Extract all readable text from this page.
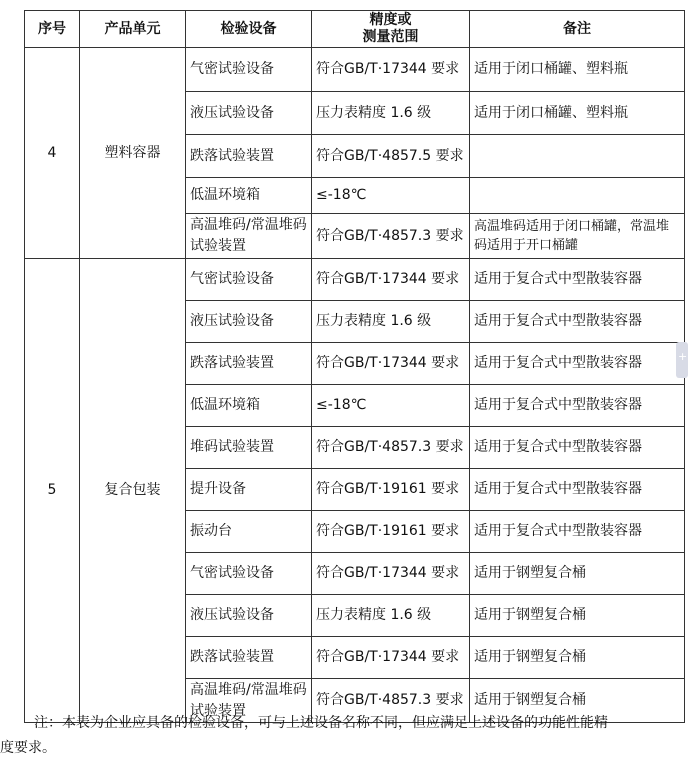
序号	产品单元	检验设备	精度或
测量范围	备注
4	塑料容器	气密试验设备	符合GB/T·17344 要求	适用于闭口桶罐、塑料瓶
		液压试验设备	压力表精度 1.6 级	适用于闭口桶罐、塑料瓶
		跌落试验装置	符合GB/T·4857.5 要求	
		低温环境箱	≤-18℃	
		高温堆码/常温堆码试验装置	符合GB/T·4857.3 要求	高温堆码适用于闭口桶罐，常温堆码适用于开口桶罐
5	复合包装	气密试验设备	符合GB/T·17344 要求	适用于复合式中型散装容器
		液压试验设备	压力表精度 1.6 级	适用于复合式中型散装容器
		跌落试验装置	符合GB/T·17344 要求	适用于复合式中型散装容器
		低温环境箱	≤-18℃	适用于复合式中型散装容器
		堆码试验装置	符合GB/T·4857.3 要求	适用于复合式中型散装容器
		提升设备	符合GB/T·19161 要求	适用于复合式中型散装容器
		振动台	符合GB/T·19161 要求	适用于复合式中型散装容器
		气密试验设备	符合GB/T·17344 要求	适用于钢塑复合桶
		液压试验设备	压力表精度 1.6 级	适用于钢塑复合桶
		跌落试验装置	符合GB/T·17344 要求	适用于钢塑复合桶
		高温堆码/常温堆码试验装置	符合GB/T·4857.3 要求	适用于钢塑复合桶
+
注：本表为企业应具备的检验设备，可与上述设备名称不同，但应满足上述设备的功能性能精
度要求。
